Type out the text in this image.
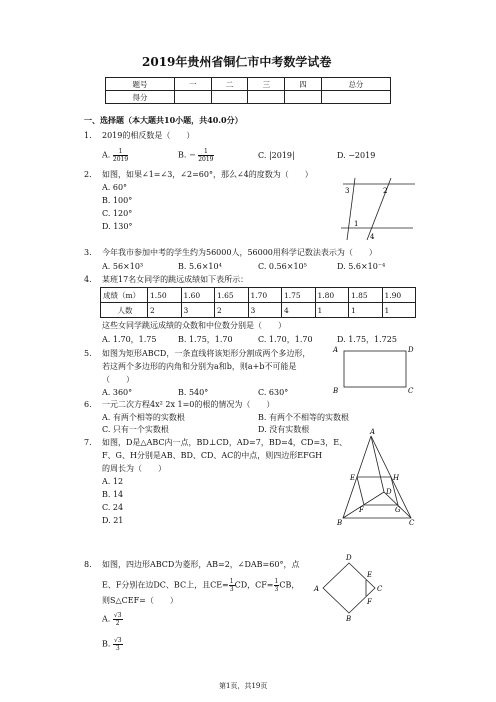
2019年贵州省铜仁市中考数学试卷
题号	一	二	三	四	总分
得分					
一、选择题（本大题共10小题，共40.0分）
1. 2019的相反数是（　　）
A. $\frac{1}{2019}$	B. − $\frac{1}{2019}$	C. |2019|	D. −2019
2. 如图，如果∠1=∠3，∠2=60°，那么∠4的度数为（　　）
A. 60°
B. 100°
C. 120°
D. 130°
3	2
1
4
3. 今年我市参加中考的学生约为56000人，56000用科学记数法表示为（　　）
A. 56×10³	B. 5.6×10⁴	C. 0.56×10⁵	D. 5.6×10⁻⁴
4. 某班17名女同学的跳远成绩如下表所示：
成绩（m）	1.50	1.60	1.65	1.70	1.75	1.80	1.85	1.90
人数	2	3	2	3	4	1	1	1
这些女同学跳远成绩的众数和中位数分别是（　　）
A. 1.70，1.75	B. 1.75，1.70	C. 1.70，1.70	D. 1.75，1.725
5. 如图为矩形ABCD，一条直线将该矩形分割成两个多边形，
若这两个多边形的内角和分别为a和b，则a+b不可能是
（　　）
A. 360°	B. 540°	C. 630°
A	D
B	C
6. 一元二次方程4x² 2x 1=0的根的情况为（　　）
A. 有两个相等的实数根	B. 有两个不相等的实数根
C. 只有一个实数根	D. 没有实数根
7. 如图，D是△ABC内一点，BD⊥CD，AD=7，BD=4，CD=3，E、
F、G、H分别是AB、BD、CD、AC的中点，则四边形EFGH
的周长为（　　）
A. 12
B. 14
C. 24
D. 21
A
E	H
D
F	G
B	C
8. 如图，四边形ABCD为菱形，AB=2，∠DAB=60°，点
E、F分别在边DC、BC上，且$CE= \frac{1}{3}$ CD，$CF= \frac{1}{3}$ CB，
则S△CEF=（　　）
A. $\frac{√3}{2}$
B. $\frac{√3}{3}$
D
E
A	C
F
B
第1页，共19页
